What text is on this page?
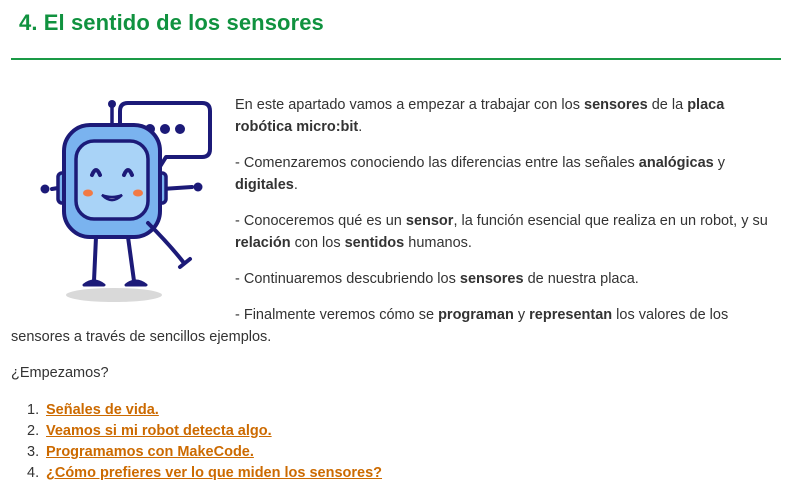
4. El sentido de los sensores

En este apartado vamos a empezar a trabajar con los sensores de la placa robótica micro:bit.

- Comenzaremos conociendo las diferencias entre las señales analógicas y digitales.

- Conoceremos qué es un sensor, la función esencial que realiza en un robot, y su relación con los sentidos humanos.

- Continuaremos descubriendo los sensores de nuestra placa.

- Finalmente veremos cómo se programan y representan los valores de los sensores a través de sencillos ejemplos.

¿Empezamos?

1. Señales de vida.
2. Veamos si mi robot detecta algo.
3. Programamos con MakeCode.
4. ¿Cómo prefieres ver lo que miden los sensores?
